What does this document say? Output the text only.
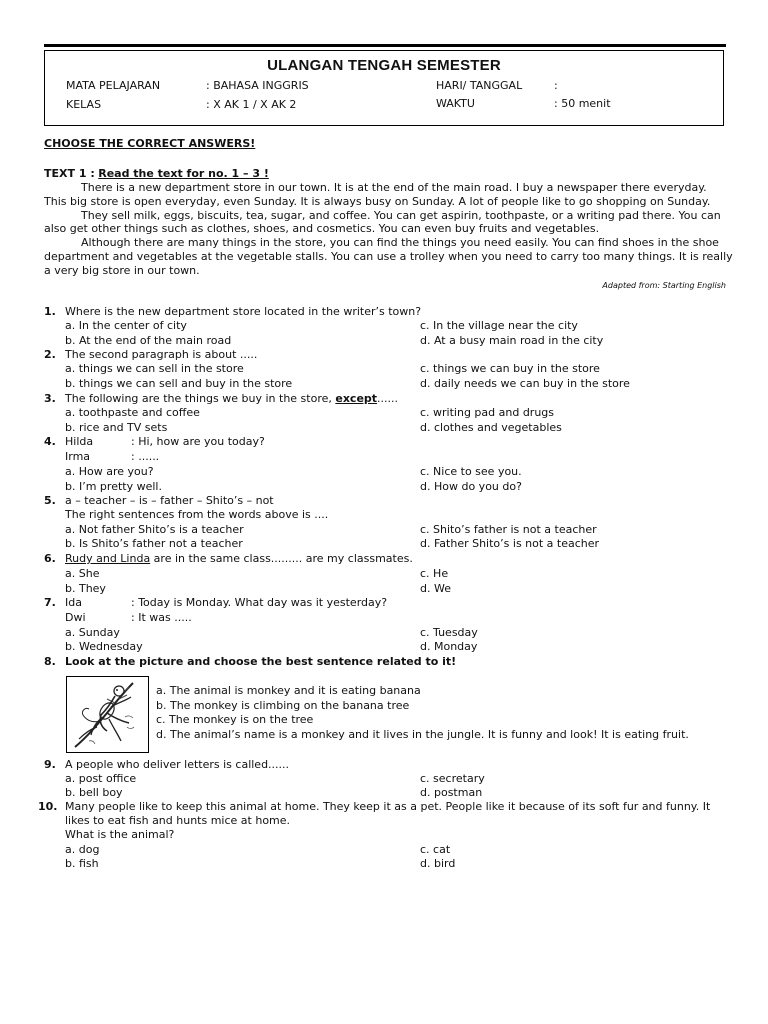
ULANGAN TENGAH SEMESTER
MATA PELAJARAN	: BAHASA INGGRIS	HARI/ TANGGAL	:
KELAS	: X AK 1 / X AK 2	WAKTU	: 50 menit
CHOOSE THE CORRECT ANSWERS!
TEXT 1 : Read the text for no. 1 – 3 !
There is a new department store in our town. It is at the end of the main road. I buy a newspaper there everyday.
This big store is open everyday, even Sunday. It is always busy on Sunday. A lot of people like to go shopping on Sunday.
They sell milk, eggs, biscuits, tea, sugar, and coffee. You can get aspirin, toothpaste, or a writing pad there. You can
also get other things such as clothes, shoes, and cosmetics. You can even buy fruits and vegetables.
Although there are many things in the store, you can find the things you need easily. You can find shoes in the shoe
department and vegetables at the vegetable stalls. You can use a trolley when you need to carry too many things. It is really
a very big store in our town.
Adapted from: Starting English
1. Where is the new department store located in the writer’s town?
a. In the center of city	c. In the village near the city
b. At the end of the main road	d. At a busy main road in the city
2. The second paragraph is about .....
a. things we can sell in the store	c. things we can buy in the store
b. things we can sell and buy in the store	d. daily needs we can buy in the store
3. The following are the things we buy in the store, except......
a. toothpaste and coffee	c. writing pad and drugs
b. rice and TV sets	d. clothes and vegetables
4. Hilda	: Hi, how are you today?
Irma	: ......
a. How are you?	c. Nice to see you.
b. I’m pretty well.	d. How do you do?
5. a – teacher – is – father – Shito’s – not
The right sentences from the words above is ....
a. Not father Shito’s is a teacher	c. Shito’s father is not a teacher
b. Is Shito’s father not a teacher	d. Father Shito’s is not a teacher
6. Rudy and Linda are in the same class......... are my classmates.
a. She	c. He
b. They	d. We
7. Ida	: Today is Monday. What day was it yesterday?
Dwi	: It was .....
a. Sunday	c. Tuesday
b. Wednesday	d. Monday
8. Look at the picture and choose the best sentence related to it!
a. The animal is monkey and it is eating banana
b. The monkey is climbing on the banana tree
c. The monkey is on the tree
d. The animal’s name is a monkey and it lives in the jungle. It is funny and look! It is eating fruit.
9. A people who deliver letters is called......
a. post office	c. secretary
b. bell boy	d. postman
10. Many people like to keep this animal at home. They keep it as a pet. People like it because of its soft fur and funny. It
likes to eat fish and hunts mice at home.
What is the animal?
a. dog	c. cat
b. fish	d. bird
